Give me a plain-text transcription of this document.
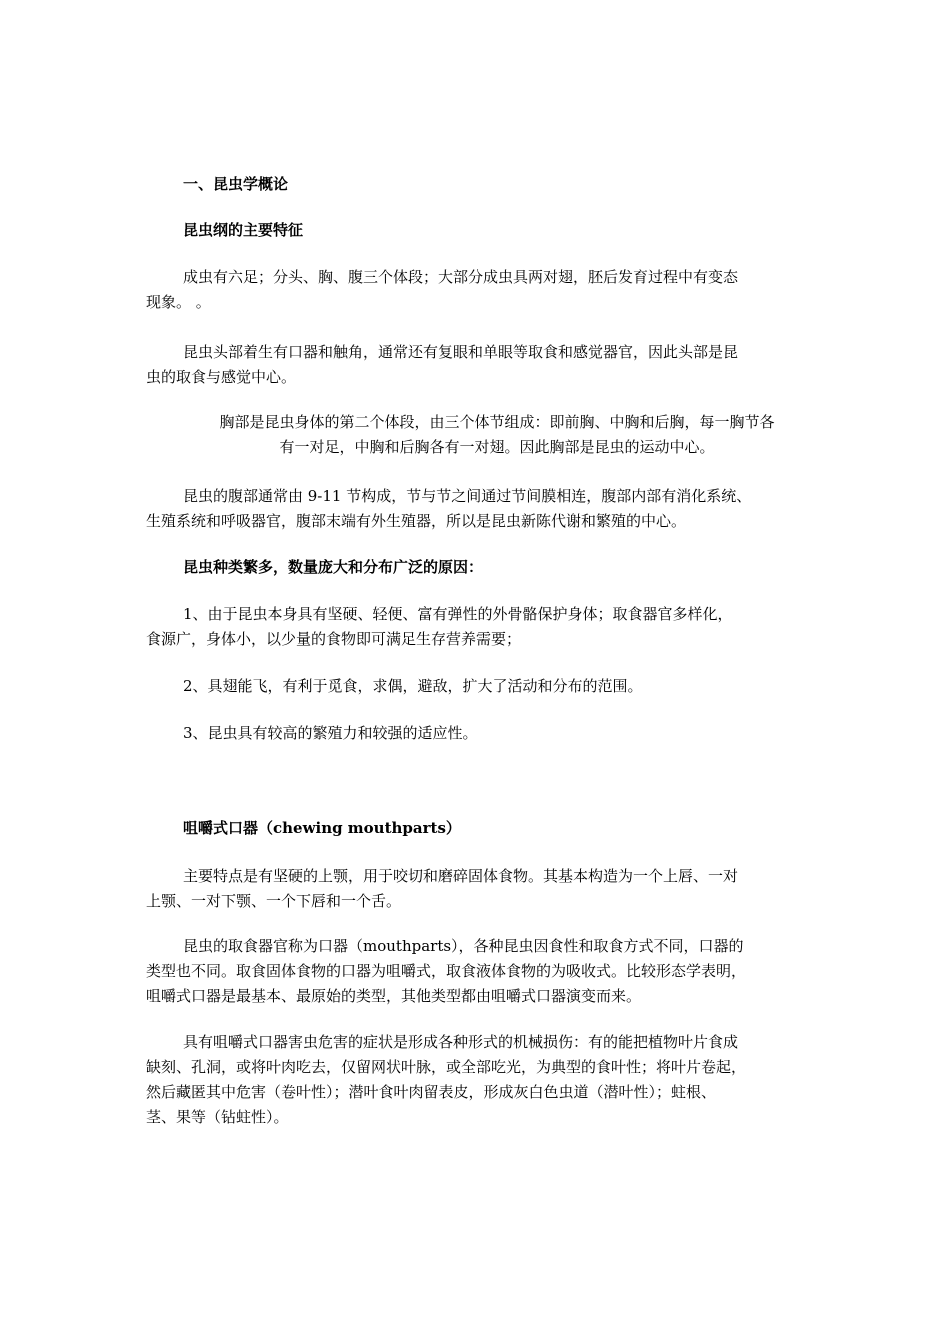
一、昆虫学概论

昆虫纲的主要特征

成虫有六足；分头、胸、腹三个体段；大部分成虫具两对翅，胚后发育过程中有变态
现象。 。
昆虫头部着生有口器和触角，通常还有复眼和单眼等取食和感觉器官，因此头部是昆
虫的取食与感觉中心。
胸部是昆虫身体的第二个体段，由三个体节组成：即前胸、中胸和后胸，每一胸节各
有一对足，中胸和后胸各有一对翅。因此胸部是昆虫的运动中心。
昆虫的腹部通常由 9-11 节构成，节与节之间通过节间膜相连，腹部内部有消化系统、
生殖系统和呼吸器官，腹部末端有外生殖器，所以是昆虫新陈代谢和繁殖的中心。

昆虫种类繁多，数量庞大和分布广泛的原因：

1、由于昆虫本身具有坚硬、轻便、富有弹性的外骨骼保护身体；取食器官多样化，
食源广，身体小，以少量的食物即可满足生存营养需要；

2、具翅能飞，有利于觅食，求偶，避敌，扩大了活动和分布的范围。

3、昆虫具有较高的繁殖力和较强的适应性。

咀嚼式口器（chewing mouthparts）

主要特点是有坚硬的上颚，用于咬切和磨碎固体食物。其基本构造为一个上唇、一对
上颚、一对下颚、一个下唇和一个舌。
昆虫的取食器官称为口器（mouthparts），各种昆虫因食性和取食方式不同，口器的
类型也不同。取食固体食物的口器为咀嚼式，取食液体食物的为吸收式。比较形态学表明，
咀嚼式口器是最基本、最原始的类型，其他类型都由咀嚼式口器演变而来。
具有咀嚼式口器害虫危害的症状是形成各种形式的机械损伤：有的能把植物叶片食成
缺刻、孔洞，或将叶肉吃去，仅留网状叶脉，或全部吃光，为典型的食叶性；将叶片卷起，
然后藏匿其中危害（卷叶性）；潜叶食叶肉留表皮，形成灰白色虫道（潜叶性）；蛀根、
茎、果等（钻蛀性）。
